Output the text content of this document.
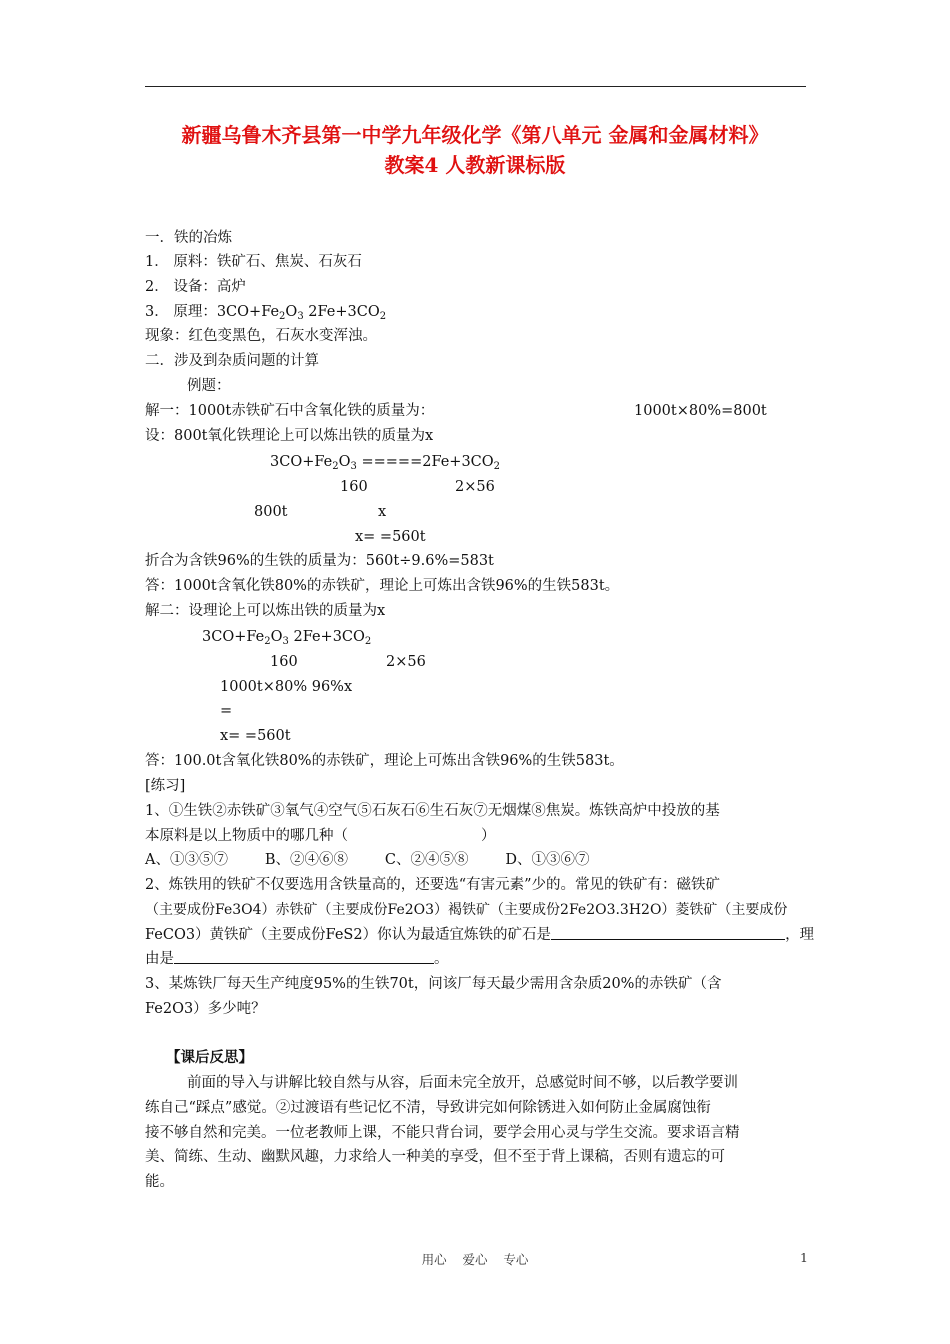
新疆乌鲁木齐县第一中学九年级化学《第八单元 金属和金属材料》
教案4 人教新课标版
一．铁的冶炼
1． 原料：铁矿石、焦炭、石灰石
2． 设备：高炉
3． 原理：$3CO+Fe_2O_3$ $2Fe+3CO_2$
现象：红色变黑色，石灰水变浑浊。
二．涉及到杂质问题的计算
例题：
解一：1000t赤铁矿石中含氧化铁的质量为：	1000t×80%=800t
设：800t氧化铁理论上可以炼出铁的质量为x
$3CO+Fe_2O_3 =====2Fe+3CO_2$
160	2×56
800t	x
x= =560t
折合为含铁96%的生铁的质量为：560t÷9.6%=583t
答：1000t含氧化铁80%的赤铁矿，理论上可炼出含铁96%的生铁583t。
解二：设理论上可以炼出铁的质量为x
$3CO+Fe_2O_3$ $2Fe+3CO_2$
160	2×56
1000t×80% 96%x
=
x= =560t
答：100.0t含氧化铁80%的赤铁矿，理论上可炼出含铁96%的生铁583t。
[练习]
1、①生铁②赤铁矿③氧气④空气⑤石灰石⑥生石灰⑦无烟煤⑧焦炭。炼铁高炉中投放的基
本原料是以上物质中的哪几种（	）
A、①③⑤⑦        B、②④⑥⑧        C、②④⑤⑧        D、①③⑥⑦
2、炼铁用的铁矿不仅要选用含铁量高的，还要选“有害元素”少的。常见的铁矿有：磁铁矿
（主要成份Fe3O4）赤铁矿（主要成份Fe2O3）褐铁矿（主要成份2Fe2O3.3H2O）菱铁矿（主要成份
FeCO3）黄铁矿（主要成份FeS2）你认为最适宜炼铁的矿石是	，理
由是	。
3、某炼铁厂每天生产纯度95%的生铁70t，问该厂每天最少需用含杂质20%的赤铁矿（含
Fe2O3）多少吨？
【课后反思】
前面的导入与讲解比较自然与从容，后面未完全放开，总感觉时间不够，以后教学要训
练自己“踩点”感觉。②过渡语有些记忆不清，导致讲完如何除锈进入如何防止金属腐蚀衔
接不够自然和完美。一位老教师上课，不能只背台词，要学会用心灵与学生交流。要求语言精
美、简练、生动、幽默风趣，力求给人一种美的享受，但不至于背上课稿，否则有遗忘的可
能。
用心    爱心    专心	1
